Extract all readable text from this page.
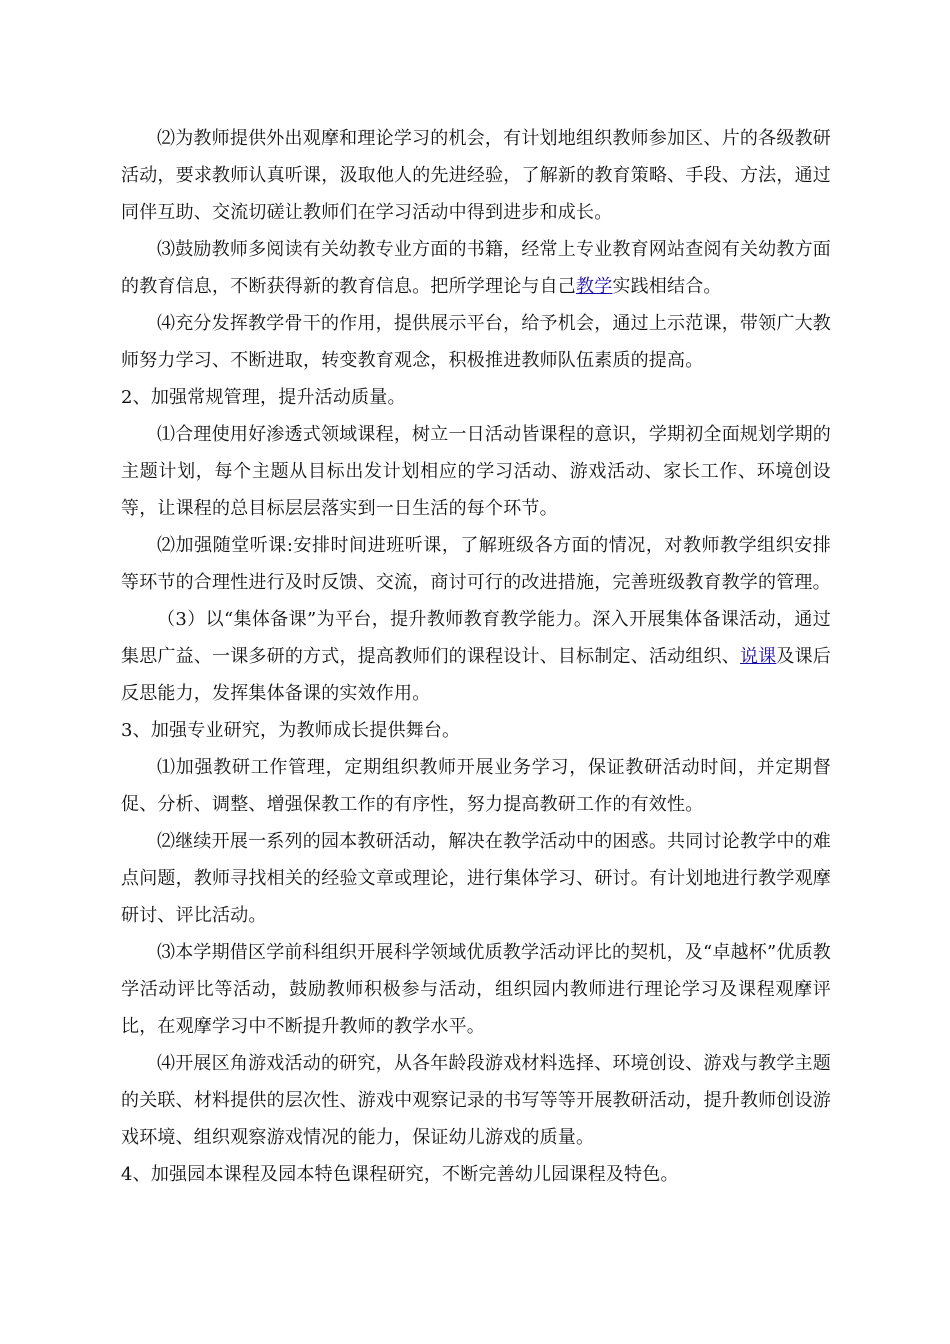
⑵为教师提供外出观摩和理论学习的机会，有计划地组织教师参加区、片的各级教研活动，要求教师认真听课，汲取他人的先进经验，了解新的教育策略、手段、方法，通过同伴互助、交流切磋让教师们在学习活动中得到进步和成长。

⑶鼓励教师多阅读有关幼教专业方面的书籍，经常上专业教育网站查阅有关幼教方面的教育信息，不断获得新的教育信息。把所学理论与自己教学实践相结合。

⑷充分发挥教学骨干的作用，提供展示平台，给予机会，通过上示范课，带领广大教师努力学习、不断进取，转变教育观念，积极推进教师队伍素质的提高。

2、加强常规管理，提升活动质量。

⑴合理使用好渗透式领域课程，树立一日活动皆课程的意识，学期初全面规划学期的主题计划，每个主题从目标出发计划相应的学习活动、游戏活动、家长工作、环境创设等，让课程的总目标层层落实到一日生活的每个环节。

⑵加强随堂听课:安排时间进班听课，了解班级各方面的情况，对教师教学组织安排等环节的合理性进行及时反馈、交流，商讨可行的改进措施，完善班级教育教学的管理。

（3）以“集体备课”为平台，提升教师教育教学能力。深入开展集体备课活动，通过集思广益、一课多研的方式，提高教师们的课程设计、目标制定、活动组织、说课及课后反思能力，发挥集体备课的实效作用。

3、加强专业研究，为教师成长提供舞台。

⑴加强教研工作管理，定期组织教师开展业务学习，保证教研活动时间，并定期督促、分析、调整、增强保教工作的有序性，努力提高教研工作的有效性。

⑵继续开展一系列的园本教研活动，解决在教学活动中的困惑。共同讨论教学中的难点问题，教师寻找相关的经验文章或理论，进行集体学习、研讨。有计划地进行教学观摩研讨、评比活动。

⑶本学期借区学前科组织开展科学领域优质教学活动评比的契机，及“卓越杯”优质教学活动评比等活动，鼓励教师积极参与活动，组织园内教师进行理论学习及课程观摩评比，在观摩学习中不断提升教师的教学水平。

⑷开展区角游戏活动的研究，从各年龄段游戏材料选择、环境创设、游戏与教学主题的关联、材料提供的层次性、游戏中观察记录的书写等等开展教研活动，提升教师创设游戏环境、组织观察游戏情况的能力，保证幼儿游戏的质量。

4、加强园本课程及园本特色课程研究，不断完善幼儿园课程及特色。
